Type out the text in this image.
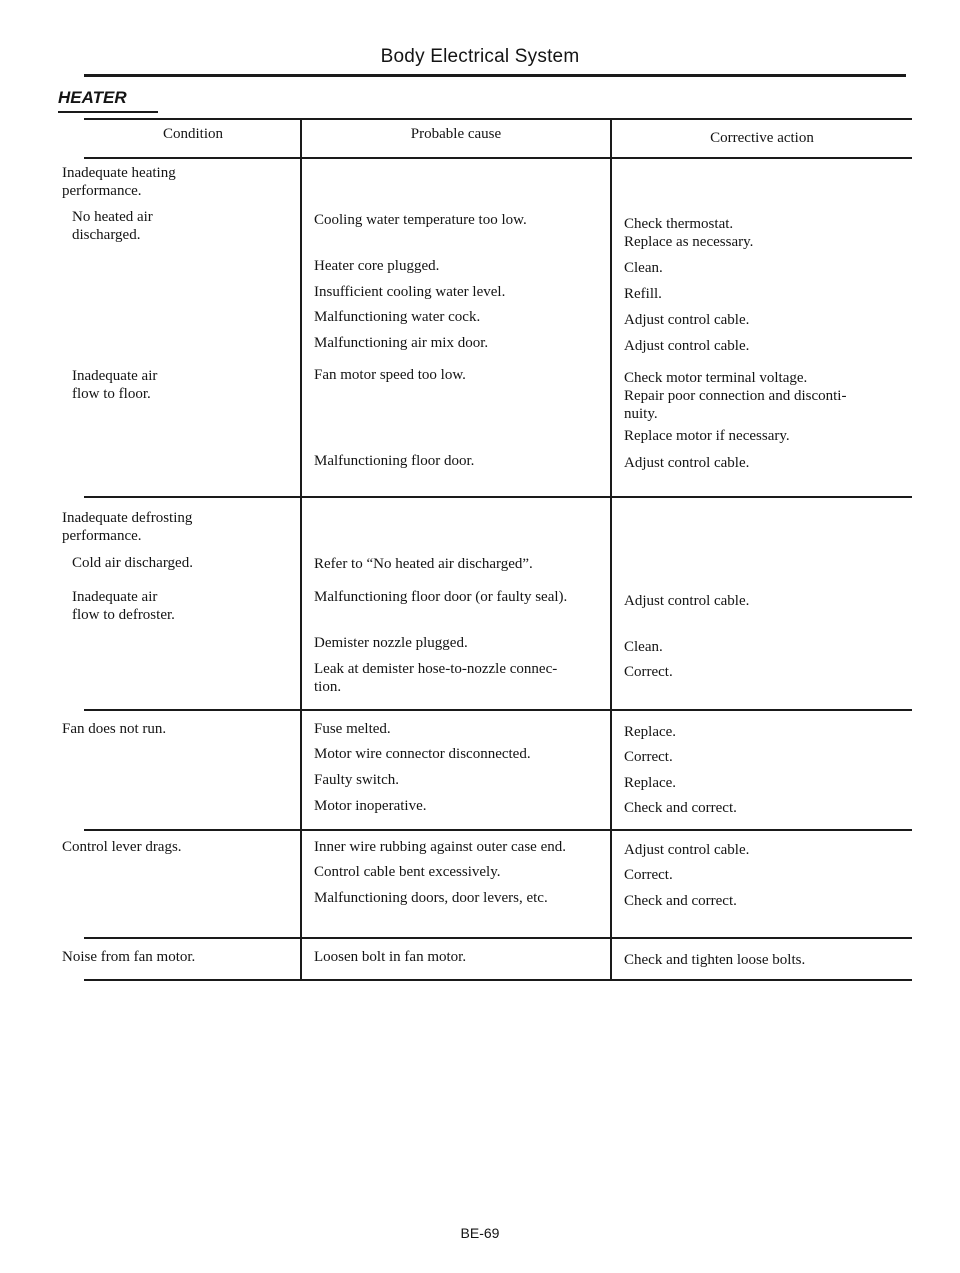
Body Electrical System
HEATER
Condition	Probable cause	Corrective action
Inadequate heating
performance.
No heated air
discharged.
Inadequate air
flow to floor.
Inadequate defrosting
performance.
Cold air discharged.
Inadequate air
flow to defroster.
Fan does not run.
Control lever drags.
Noise from fan motor.
Cooling water temperature too low.
Heater core plugged.
Insufficient cooling water level.
Malfunctioning water cock.
Malfunctioning air mix door.
Fan motor speed too low.
Malfunctioning floor door.
Refer to “No heated air discharged”.
Malfunctioning floor door (or faulty seal).
Demister nozzle plugged.
Leak at demister hose-to-nozzle connec-
tion.
Fuse melted.
Motor wire connector disconnected.
Faulty switch.
Motor inoperative.
Inner wire rubbing against outer case end.
Control cable bent excessively.
Malfunctioning doors, door levers, etc.
Loosen bolt in fan motor.
Check thermostat.
Replace as necessary.
Clean.
Refill.
Adjust control cable.
Adjust control cable.
Check motor terminal voltage.
Repair poor connection and disconti-
nuity.
Replace motor if necessary.
Adjust control cable.
Adjust control cable.
Clean.
Correct.
Replace.
Correct.
Replace.
Check and correct.
Adjust control cable.
Correct.
Check and correct.
Check and tighten loose bolts.
BE-69
